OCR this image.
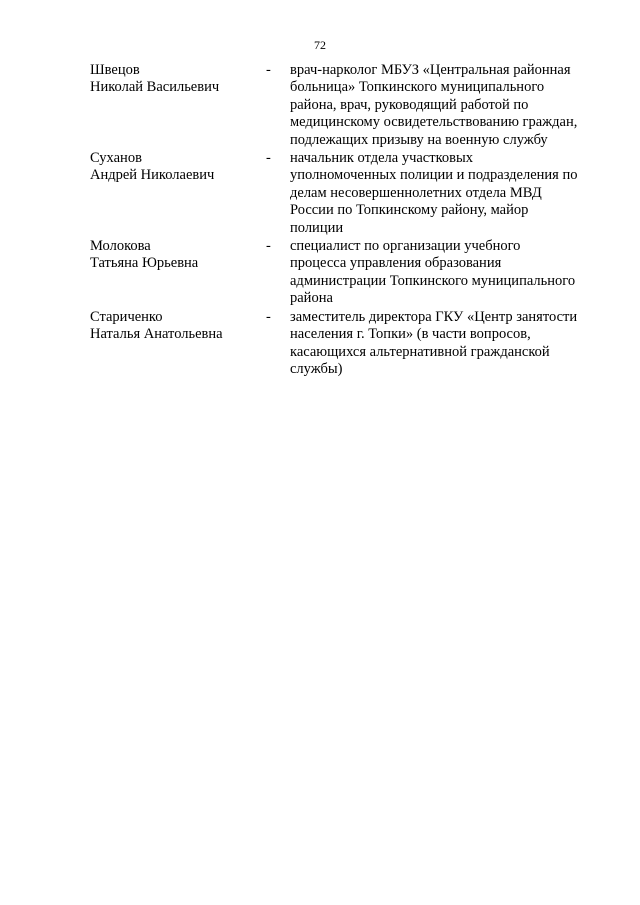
72
Швецов
Николай Васильевич
-	врач-нарколог МБУЗ «Центральная районная
больница» Топкинского муниципального
района, врач, руководящий работой по
медицинскому освидетельствованию граждан,
подлежащих призыву на военную службу
Суханов
Андрей Николаевич
-	начальник отдела участковых
уполномоченных полиции и подразделения по
делам несовершеннолетних отдела МВД
России по Топкинскому району, майор
полиции
Молокова
Татьяна Юрьевна
-	специалист по организации учебного
процесса управления образования
администрации Топкинского муниципального
района
Стариченко
Наталья Анатольевна
-	заместитель директора ГКУ «Центр занятости
населения г. Топки» (в части вопросов,
касающихся альтернативной гражданской
службы)
